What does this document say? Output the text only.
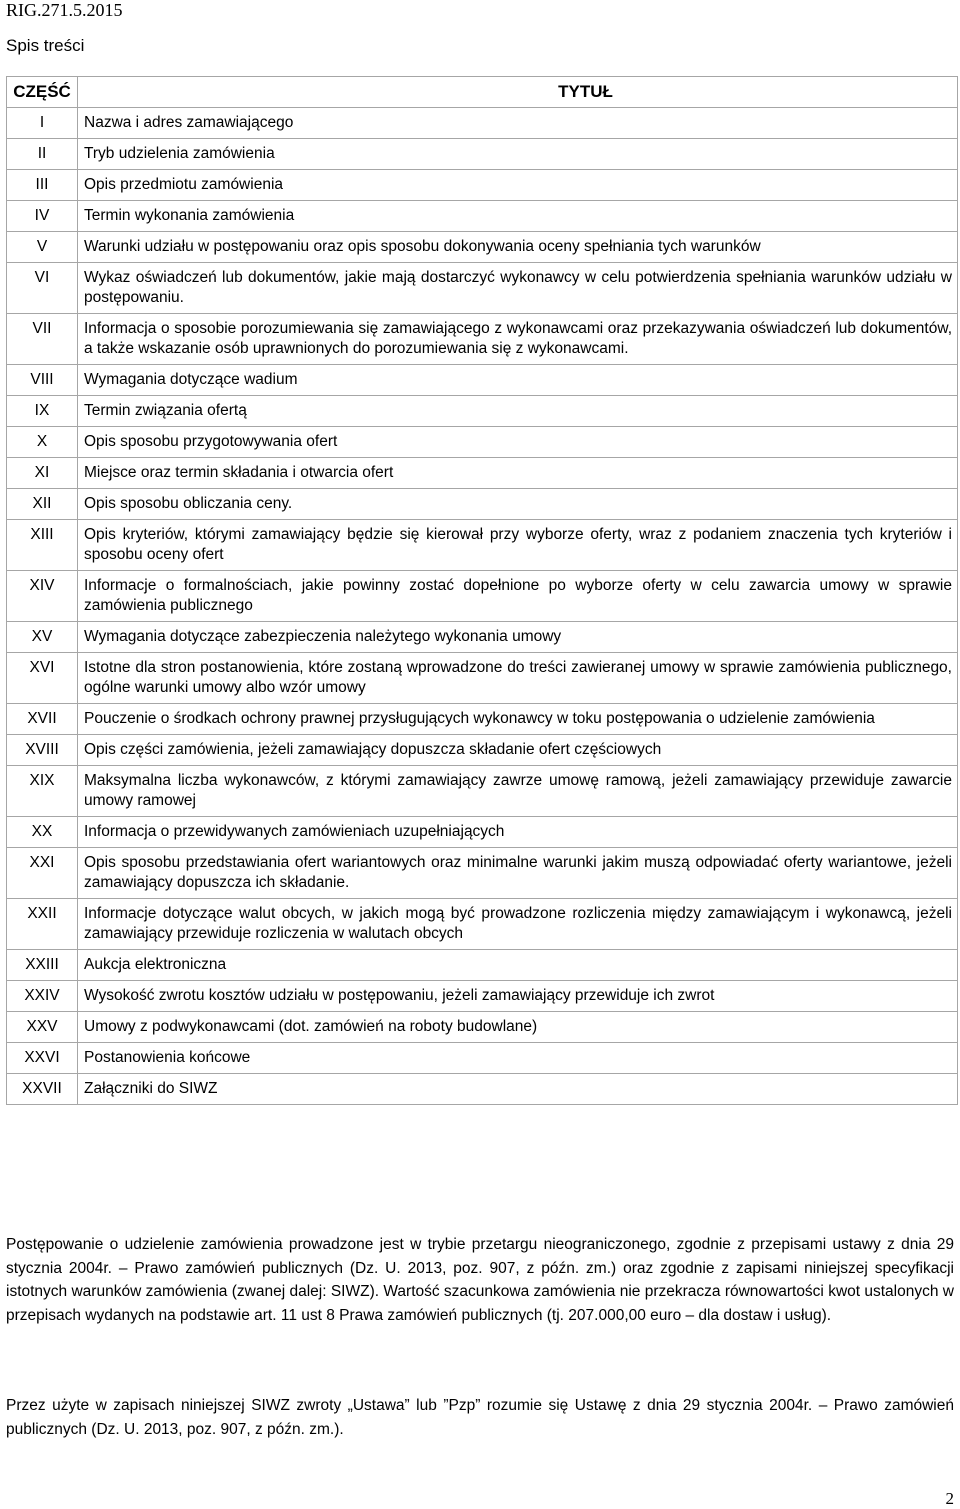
RIG.271.5.2015
Spis treści
CZĘŚĆ	TYTUŁ
I	Nazwa i adres zamawiającego
II	Tryb udzielenia zamówienia
III	Opis przedmiotu zamówienia
IV	Termin wykonania zamówienia
V	Warunki udziału w postępowaniu oraz opis sposobu dokonywania oceny spełniania tych warunków
VI	Wykaz oświadczeń lub dokumentów, jakie mają dostarczyć wykonawcy w celu potwierdzenia spełniania warunków udziału w postępowaniu.
VII	Informacja o sposobie porozumiewania się zamawiającego z wykonawcami oraz przekazywania oświadczeń lub dokumentów, a także wskazanie osób uprawnionych do porozumiewania się z wykonawcami.
VIII	Wymagania dotyczące wadium
IX	Termin związania ofertą
X	Opis sposobu przygotowywania ofert
XI	Miejsce oraz termin składania i otwarcia ofert
XII	Opis sposobu obliczania ceny.
XIII	Opis kryteriów, którymi zamawiający będzie się kierował przy wyborze oferty, wraz z podaniem znaczenia tych kryteriów i sposobu oceny ofert
XIV	Informacje o formalnościach, jakie powinny zostać dopełnione po wyborze oferty w celu zawarcia umowy w sprawie zamówienia publicznego
XV	Wymagania dotyczące zabezpieczenia należytego wykonania umowy
XVI	Istotne dla stron postanowienia, które zostaną wprowadzone do treści zawieranej umowy w sprawie zamówienia publicznego, ogólne warunki umowy albo wzór umowy
XVII	Pouczenie o środkach ochrony prawnej przysługujących wykonawcy w toku postępowania o udzielenie zamówienia
XVIII	Opis części zamówienia, jeżeli zamawiający dopuszcza składanie ofert częściowych
XIX	Maksymalna liczba wykonawców, z którymi zamawiający zawrze umowę ramową, jeżeli zamawiający przewiduje zawarcie umowy ramowej
XX	Informacja o przewidywanych zamówieniach uzupełniających
XXI	Opis sposobu przedstawiania ofert wariantowych oraz minimalne warunki jakim muszą odpowiadać oferty wariantowe, jeżeli zamawiający dopuszcza ich składanie.
XXII	Informacje dotyczące walut obcych, w jakich mogą być prowadzone rozliczenia między zamawiającym i wykonawcą, jeżeli zamawiający przewiduje rozliczenia w walutach obcych
XXIII	Aukcja elektroniczna
XXIV	Wysokość zwrotu kosztów udziału w postępowaniu, jeżeli zamawiający przewiduje ich zwrot
XXV	Umowy z podwykonawcami (dot. zamówień na roboty budowlane)
XXVI	Postanowienia końcowe
XXVII	Załączniki do SIWZ
Postępowanie o udzielenie zamówienia prowadzone jest w trybie przetargu nieograniczonego, zgodnie z przepisami ustawy z dnia 29 stycznia 2004r. – Prawo zamówień publicznych (Dz. U. 2013, poz. 907, z późn. zm.) oraz zgodnie z zapisami niniejszej specyfikacji istotnych warunków zamówienia (zwanej dalej: SIWZ). Wartość szacunkowa zamówienia nie przekracza równowartości kwot ustalonych w przepisach wydanych na podstawie art. 11 ust 8 Prawa zamówień publicznych (tj. 207.000,00 euro – dla dostaw i usług).
Przez użyte w zapisach niniejszej SIWZ zwroty „Ustawa” lub ”Pzp” rozumie się Ustawę z dnia 29 stycznia 2004r. – Prawo zamówień publicznych (Dz. U. 2013, poz. 907, z późn. zm.).
2
